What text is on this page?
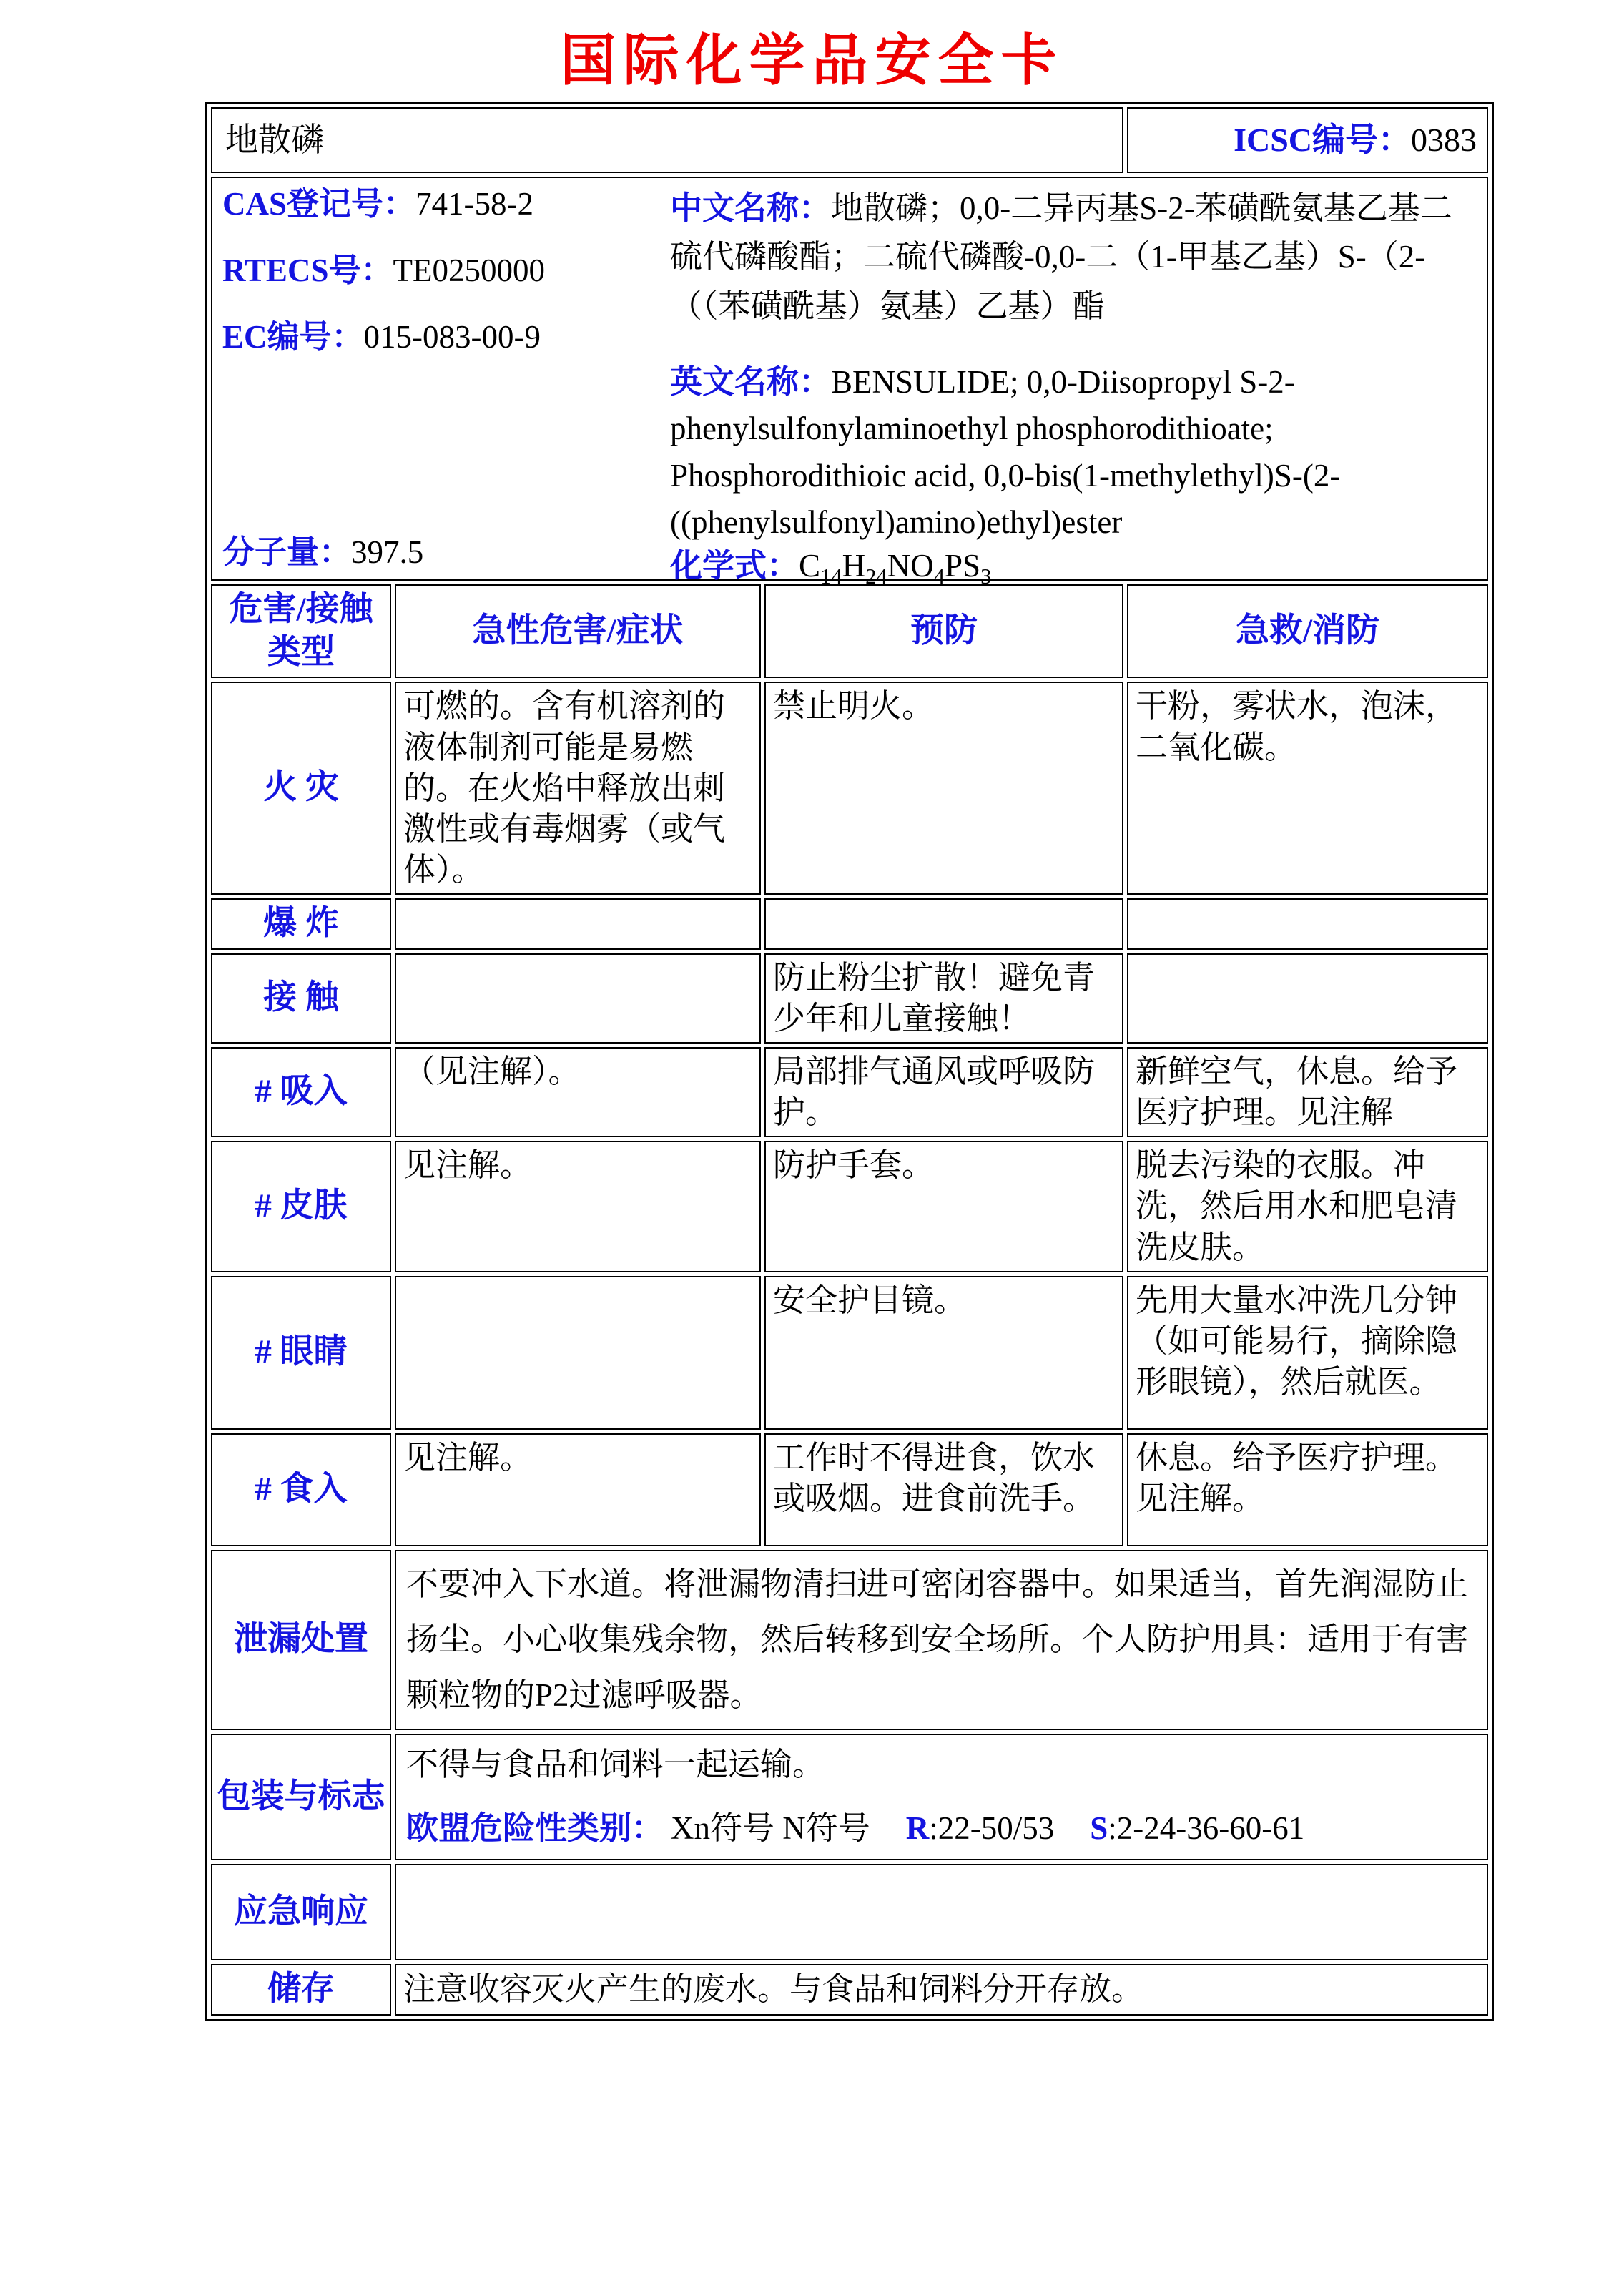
国际化学品安全卡
地散磷			ICSC编号：0383

CAS登记号：741-58-2
RTECS号：TE0250000
EC编号：015-083-00-9
分子量：397.5

中文名称：地散磷；0,0-二异丙基S-2-苯磺酰氨基乙基二硫代磷酸酯；二硫代磷酸-0,0-二（1-甲基乙基）S-（2-（（苯磺酰基）氨基）乙基）酯

英文名称：BENSULIDE; 0,0-Diisopropyl S-2-phenylsulfonylaminoethyl phosphorodithioate; Phosphorodithioic acid, 0,0-bis(1-methylethyl)S-(2-((phenylsulfonyl)amino)ethyl)ester

化学式：$C_{14}H_{24}NO_4PS_3$

危害/接触
类型	急性危害/症状	预防	急救/消防
火 灾	可燃的。含有机溶剂的液体制剂可能是易燃的。在火焰中释放出刺激性或有毒烟雾（或气体）。	禁止明火。	干粉，雾状水，泡沫，二氧化碳。
爆 炸			
接 触		防止粉尘扩散！避免青少年和儿童接触！	
# 吸入	（见注解）。	局部排气通风或呼吸防护。	新鲜空气，休息。给予医疗护理。见注解
# 皮肤	见注解。	防护手套。	脱去污染的衣服。冲洗，然后用水和肥皂清洗皮肤。
# 眼睛		安全护目镜。	先用大量水冲洗几分钟（如可能易行，摘除隐形眼镜），然后就医。
# 食入	见注解。	工作时不得进食，饮水或吸烟。进食前洗手。	休息。给予医疗护理。见注解。
泄漏处置	不要冲入下水道。将泄漏物清扫进可密闭容器中。如果适当，首先润湿防止扬尘。小心收集残余物，然后转移到安全场所。个人防护用具：适用于有害颗粒物的P2过滤呼吸器。		
包装与标志	不得与食品和饲料一起运输。
欧盟危险性类别： Xn符号 N符号 R:22-50/53 S:2-24-36-60-61		

应急响应			
储存	注意收容灭火产生的废水。与食品和饲料分开存放。		
